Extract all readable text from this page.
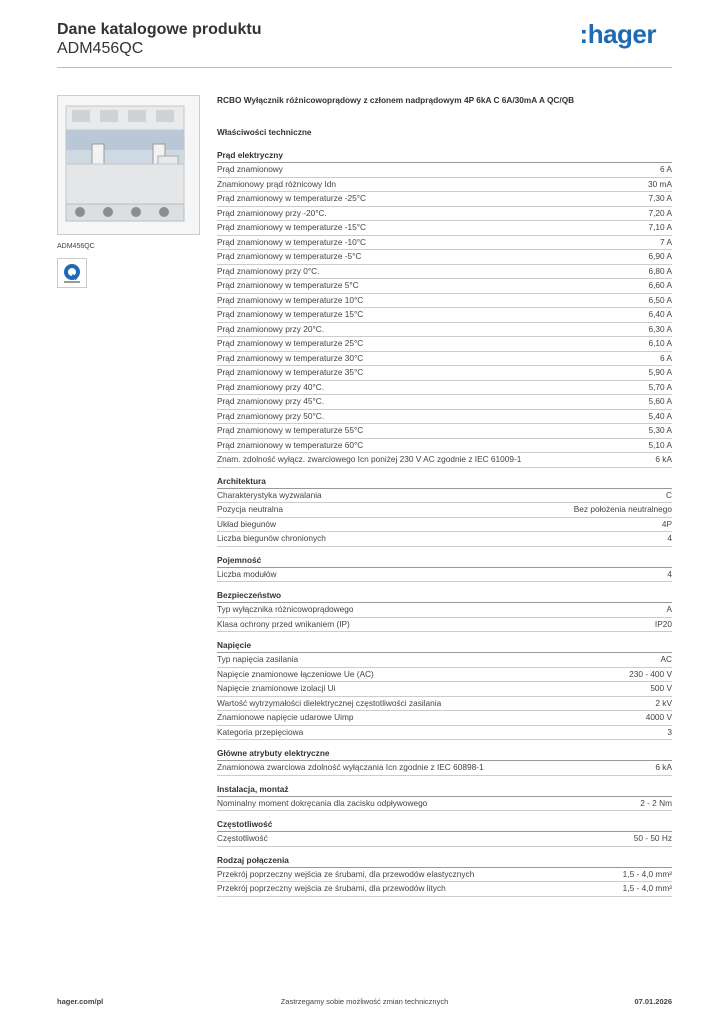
Dane katalogowe produktu

ADM456QC	:hager
ADM456QC
RCBO Wyłącznik różnicowoprądowy z członem nadprądowym 4P 6kA C 6A/30mA A QC/QB
Właściwości techniczne
Prąd elektryczny
Prąd znamionowy	6 A
Znamionowy prąd różnicowy Idn	30 mA
Prąd znamionowy w temperaturze -25°C	7,30 A
Prąd znamionowy przy -20°C.	7,20 A
Prąd znamionowy w temperaturze -15°C	7,10 A
Prąd znamionowy w temperaturze -10°C	7 A
Prąd znamionowy w temperaturze -5°C	6,90 A
Prąd znamionowy przy 0°C.	6,80 A
Prąd znamionowy w temperaturze 5°C	6,60 A
Prąd znamionowy w temperaturze 10°C	6,50 A
Prąd znamionowy w temperaturze 15°C	6,40 A
Prąd znamionowy przy 20°C.	6,30 A
Prąd znamionowy w temperaturze 25°C	6,10 A
Prąd znamionowy w temperaturze 30°C	6 A
Prąd znamionowy w temperaturze 35°C	5,90 A
Prąd znamionowy przy 40°C.	5,70 A
Prąd znamionowy przy 45°C.	5,60 A
Prąd znamionowy przy 50°C.	5,40 A
Prąd znamionowy w temperaturze 55°C	5,30 A
Prąd znamionowy w temperaturze 60°C	5,10 A
Znam. zdolność wyłącz. zwarciowego Icn poniżej 230 V AC zgodnie z IEC 61009-1	6 kA
Architektura
Charakterystyka wyzwalania	C
Pozycja neutralna	Bez położenia neutralnego
Układ biegunów	4P
Liczba biegunów chronionych	4
Pojemność
Liczba modułów	4
Bezpieczeństwo
Typ wyłącznika różnicowoprądowego	A
Klasa ochrony przed wnikaniem (IP)	IP20
Napięcie
Typ napięcia zasilania	AC
Napięcie znamionowe łączeniowe Ue (AC)	230 - 400 V
Napięcie znamionowe izolacji Ui	500 V
Wartość wytrzymałości dielektrycznej częstotliwości zasilania	2 kV
Znamionowe napięcie udarowe Uimp	4000 V
Kategoria przepięciowa	3
Główne atrybuty elektryczne
Znamionowa zwarciowa zdolność wyłączania Icn zgodnie z IEC 60898-1	6 kA
Instalacja, montaż
Nominalny moment dokręcania dla zacisku odpływowego	2 - 2 Nm
Częstotliwość
Częstotliwość	50 - 50 Hz
Rodzaj połączenia
Przekrój poprzeczny wejścia ze śrubami, dla przewodów elastycznych	1,5 - 4,0 mm²
Przekrój poprzeczny wejścia ze śrubami, dla przewodów litych	1,5 - 4,0 mm²
hager.com/pl	Zastrzegamy sobie możliwość zmian technicznych	07.01.2026
